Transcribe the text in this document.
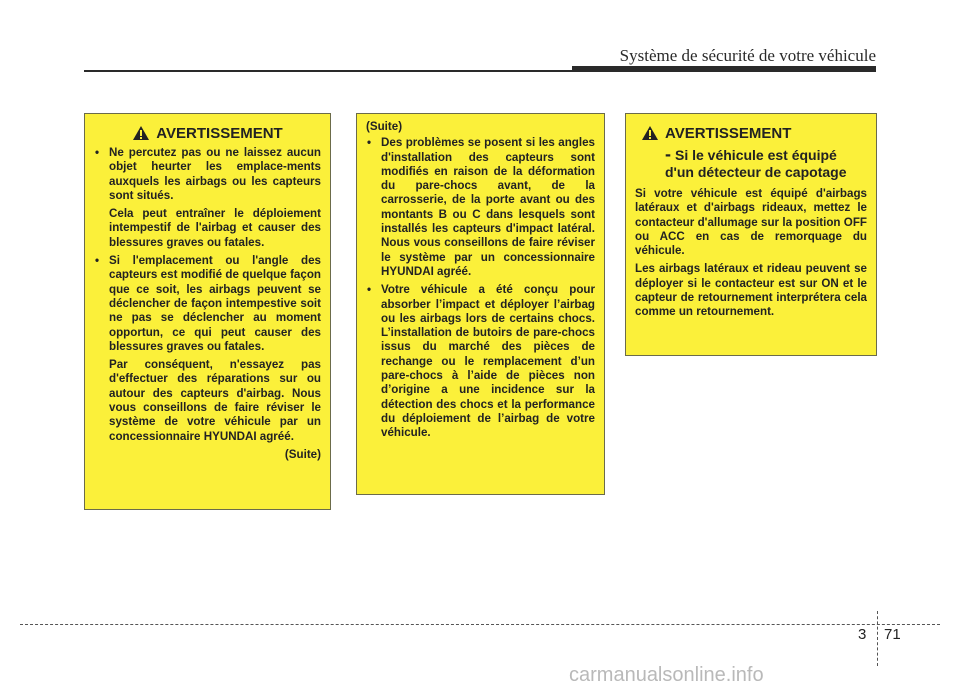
Système de sécurité de votre véhicule
AVERTISSEMENT
• Ne percutez pas ou ne laissez aucun objet heurter les emplace-ments auxquels les airbags ou les capteurs sont situés.

Cela peut entraîner le déploiement intempestif de l'airbag et causer des blessures graves ou fatales.

• Si l'emplacement ou l'angle des capteurs est modifié de quelque façon que ce soit, les airbags peuvent se déclencher de façon intempestive soit ne pas se déclencher au moment opportun, ce qui peut causer des blessures graves ou fatales.

Par conséquent, n'essayez pas d'effectuer des réparations sur ou autour des capteurs d'airbag. Nous vous conseillons de faire réviser le système de votre véhicule par un concessionnaire HYUNDAI agréé.

(Suite)
(Suite)
• Des problèmes se posent si les angles d'installation des capteurs sont modifiés en raison de la déformation du pare-chocs avant, de la carrosserie, de la porte avant ou des montants B ou C dans lesquels sont installés les capteurs d'impact latéral. Nous vous conseillons de faire réviser le système par un concessionnaire HYUNDAI agréé.
• Votre véhicule a été conçu pour absorber l’impact et déployer l’airbag ou les airbags lors de certains chocs. L’installation de butoirs de pare-chocs issus du marché des pièces de rechange ou le remplacement d’un pare-chocs à l’aide de pièces non d’origine a une incidence sur la détection des chocs et la performance du déploiement de l’airbag de votre véhicule.
AVERTISSEMENT
- Si le véhicule est équipé d'un détecteur de capotage

Si votre véhicule est équipé d'airbags latéraux et d'airbags rideaux, mettez le contacteur d'allumage sur la position OFF ou ACC en cas de remorquage du véhicule.

Les airbags latéraux et rideau peuvent se déployer si le contacteur est sur ON et le capteur de retournement interprétera cela comme un retournement.

3 71
carmanualsonline.info
